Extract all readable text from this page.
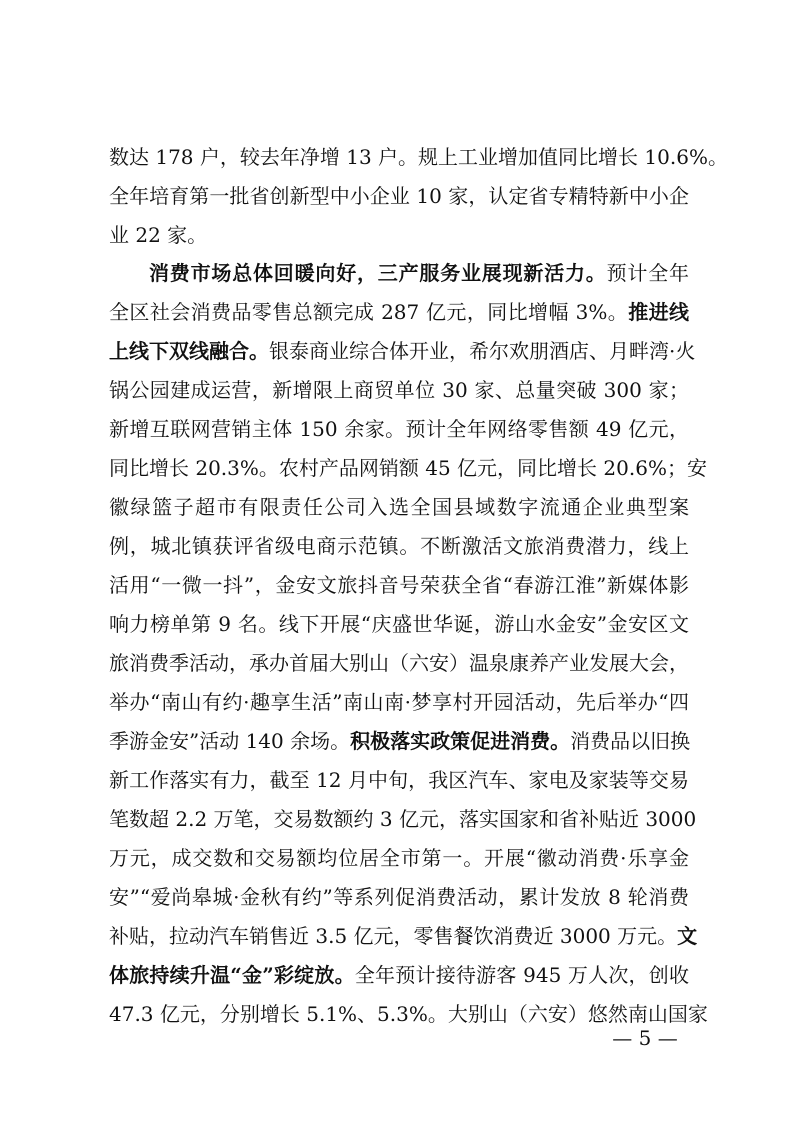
数达 178 户，较去年净增 13 户。规上工业增加值同比增长 10.6%。
全年培育第一批省创新型中小企业 10 家，认定省专精特新中小企
业 22 家。
消费市场总体回暖向好，三产服务业展现新活力。预计全年
全区社会消费品零售总额完成 287 亿元，同比增幅 3%。推进线
上线下双线融合。银泰商业综合体开业，希尔欢朋酒店、月畔湾·火
锅公园建成运营，新增限上商贸单位 30 家、总量突破 300 家；
新增互联网营销主体 150 余家。预计全年网络零售额 49 亿元，
同比增长 20.3%。农村产品网销额 45 亿元，同比增长 20.6%；安
徽绿篮子超市有限责任公司入选全国县域数字流通企业典型案
例，城北镇获评省级电商示范镇。不断激活文旅消费潜力，线上
活用“一微一抖”，金安文旅抖音号荣获全省“春游江淮”新媒体影
响力榜单第 9 名。线下开展“庆盛世华诞，游山水金安”金安区文
旅消费季活动，承办首届大别山（六安）温泉康养产业发展大会，
举办“南山有约·趣享生活”南山南·梦享村开园活动，先后举办“四
季游金安”活动 140 余场。积极落实政策促进消费。消费品以旧换
新工作落实有力，截至 12 月中旬，我区汽车、家电及家装等交易
笔数超 2.2 万笔，交易数额约 3 亿元，落实国家和省补贴近 3000
万元，成交数和交易额均位居全市第一。开展“徽动消费·乐享金
安”“爱尚皋城·金秋有约”等系列促消费活动，累计发放 8 轮消费
补贴，拉动汽车销售近 3.5 亿元，零售餐饮消费近 3000 万元。文
体旅持续升温“金”彩绽放。全年预计接待游客 945 万人次，创收
47.3 亿元，分别增长 5.1%、5.3%。大别山（六安）悠然南山国家
— 5 —
